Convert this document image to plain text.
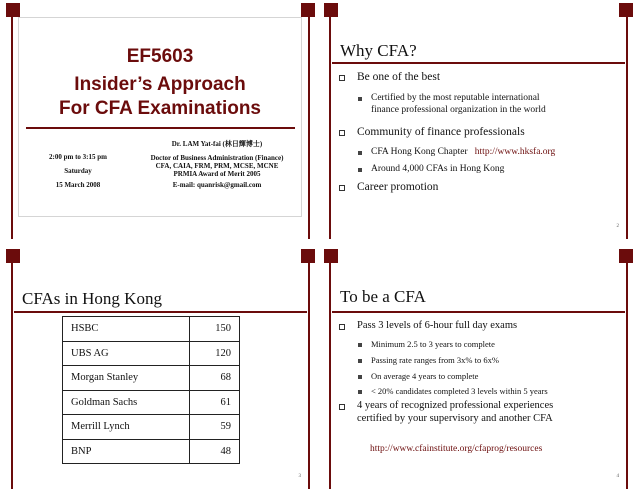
EF5603
Insider’s Approach
For CFA Examinations
2:00 pm to 3:15 pm
Saturday
15 March 2008
Dr. LAM Yat-fai (林日輝博士)
Doctor of Business Administration (Finance)
CFA, CAIA, FRM, PRM, MCSE, MCNE
PRMIA Award of Merit 2005
E-mail: quanrisk@gmail.com
Why CFA?
Be one of the best
Certified by the most reputable international
finance professional organization in the world
Community of finance professionals
CFA Hong Kong Chapter http://www.hksfa.org
Around 4,000 CFAs in Hong Kong
Career promotion
2
CFAs in Hong Kong
HSBC	150
UBS AG	120
Morgan Stanley	68
Goldman Sachs	61
Merrill Lynch	59
BNP	48
3
To be a CFA
Pass 3 levels of 6-hour full day exams
Minimum 2.5 to 3 years to complete
Passing rate ranges from 3x% to 6x%
On average 4 years to complete
< 20% candidates completed 3 levels within 5 years
4 years of recognized professional experiences
certified by your supervisory and another CFA
http://www.cfainstitute.org/cfaprog/resources
4
